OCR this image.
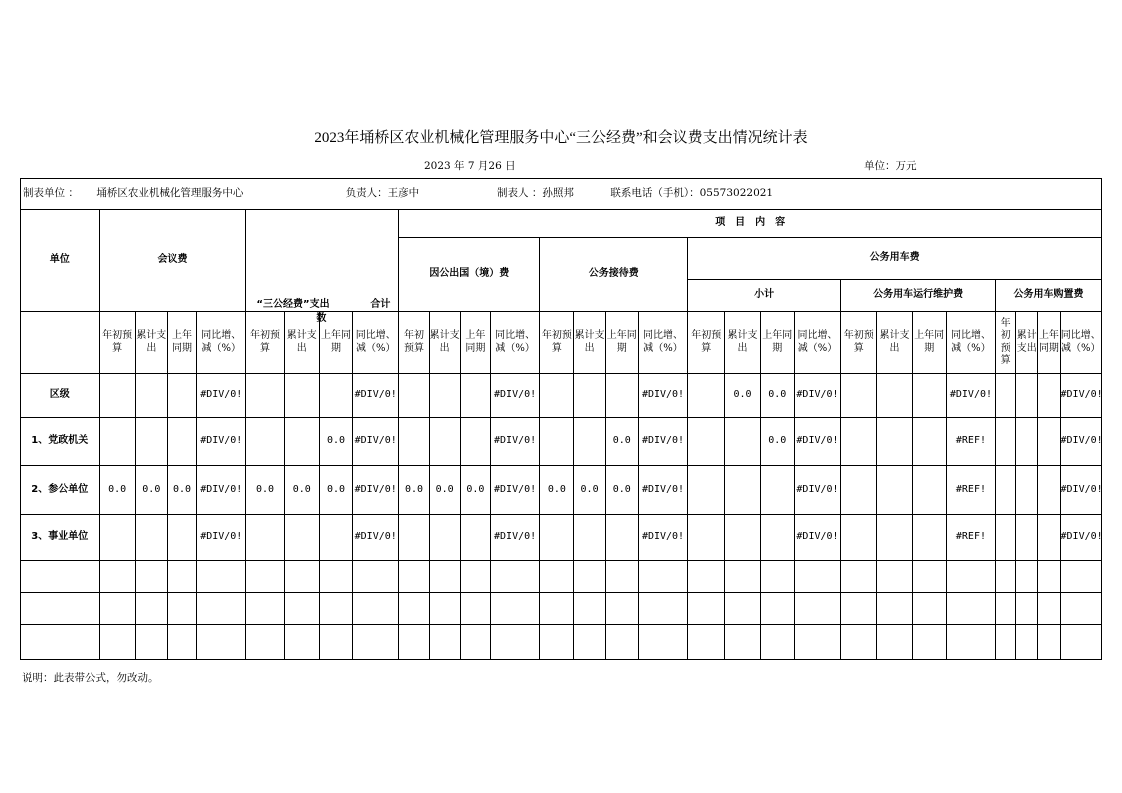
2023年埇桥区农业机械化管理服务中心“三公经费”和会议费支出情况统计表
2023 年 7 月26 日	单位：万元
制表单位 ： 埇桥区农业机械化管理服务中心 负责人：王彦中 制表人 ：孙照邦 联系电话（手机）：05573022021																												
单位	会议费				“三公经费”支出 合计
数				项　目　内　容																			
									因公出国（境）费				公务接待费				公务用车费											
																	小计				公务用车运行维护费				公务用车购置费			
	年初预算	累计支出	上年同期	同比增、减（%）	年初预算	累计支出	上年同期	同比增、减（%）	年初预算	累计支出	上年同期	同比增、减（%）	年初预算	累计支出	上年同期	同比增、减（%）	年初预算	累计支出	上年同期	同比增、减（%）	年初预算	累计支出	上年同期	同比增、减（%）	年初预算	累计支出	上年同期	同比增、减（%）
区级				#DIV/0!				#DIV/0!				#DIV/0!				#DIV/0!		0.0	0.0	#DIV/0!				#DIV/0!				#DIV/0!
1、党政机关				#DIV/0!			0.0	#DIV/0!				#DIV/0!			0.0	#DIV/0!			0.0	#DIV/0!				#REF!				#DIV/0!
2、参公单位	0.0	0.0	0.0	#DIV/0!	0.0	0.0	0.0	#DIV/0!	0.0	0.0	0.0	#DIV/0!	0.0	0.0	0.0	#DIV/0!				#DIV/0!				#REF!				#DIV/0!
3、事业单位				#DIV/0!				#DIV/0!				#DIV/0!				#DIV/0!				#DIV/0!				#REF!				#DIV/0!

说明：此表带公式，勿改动。
